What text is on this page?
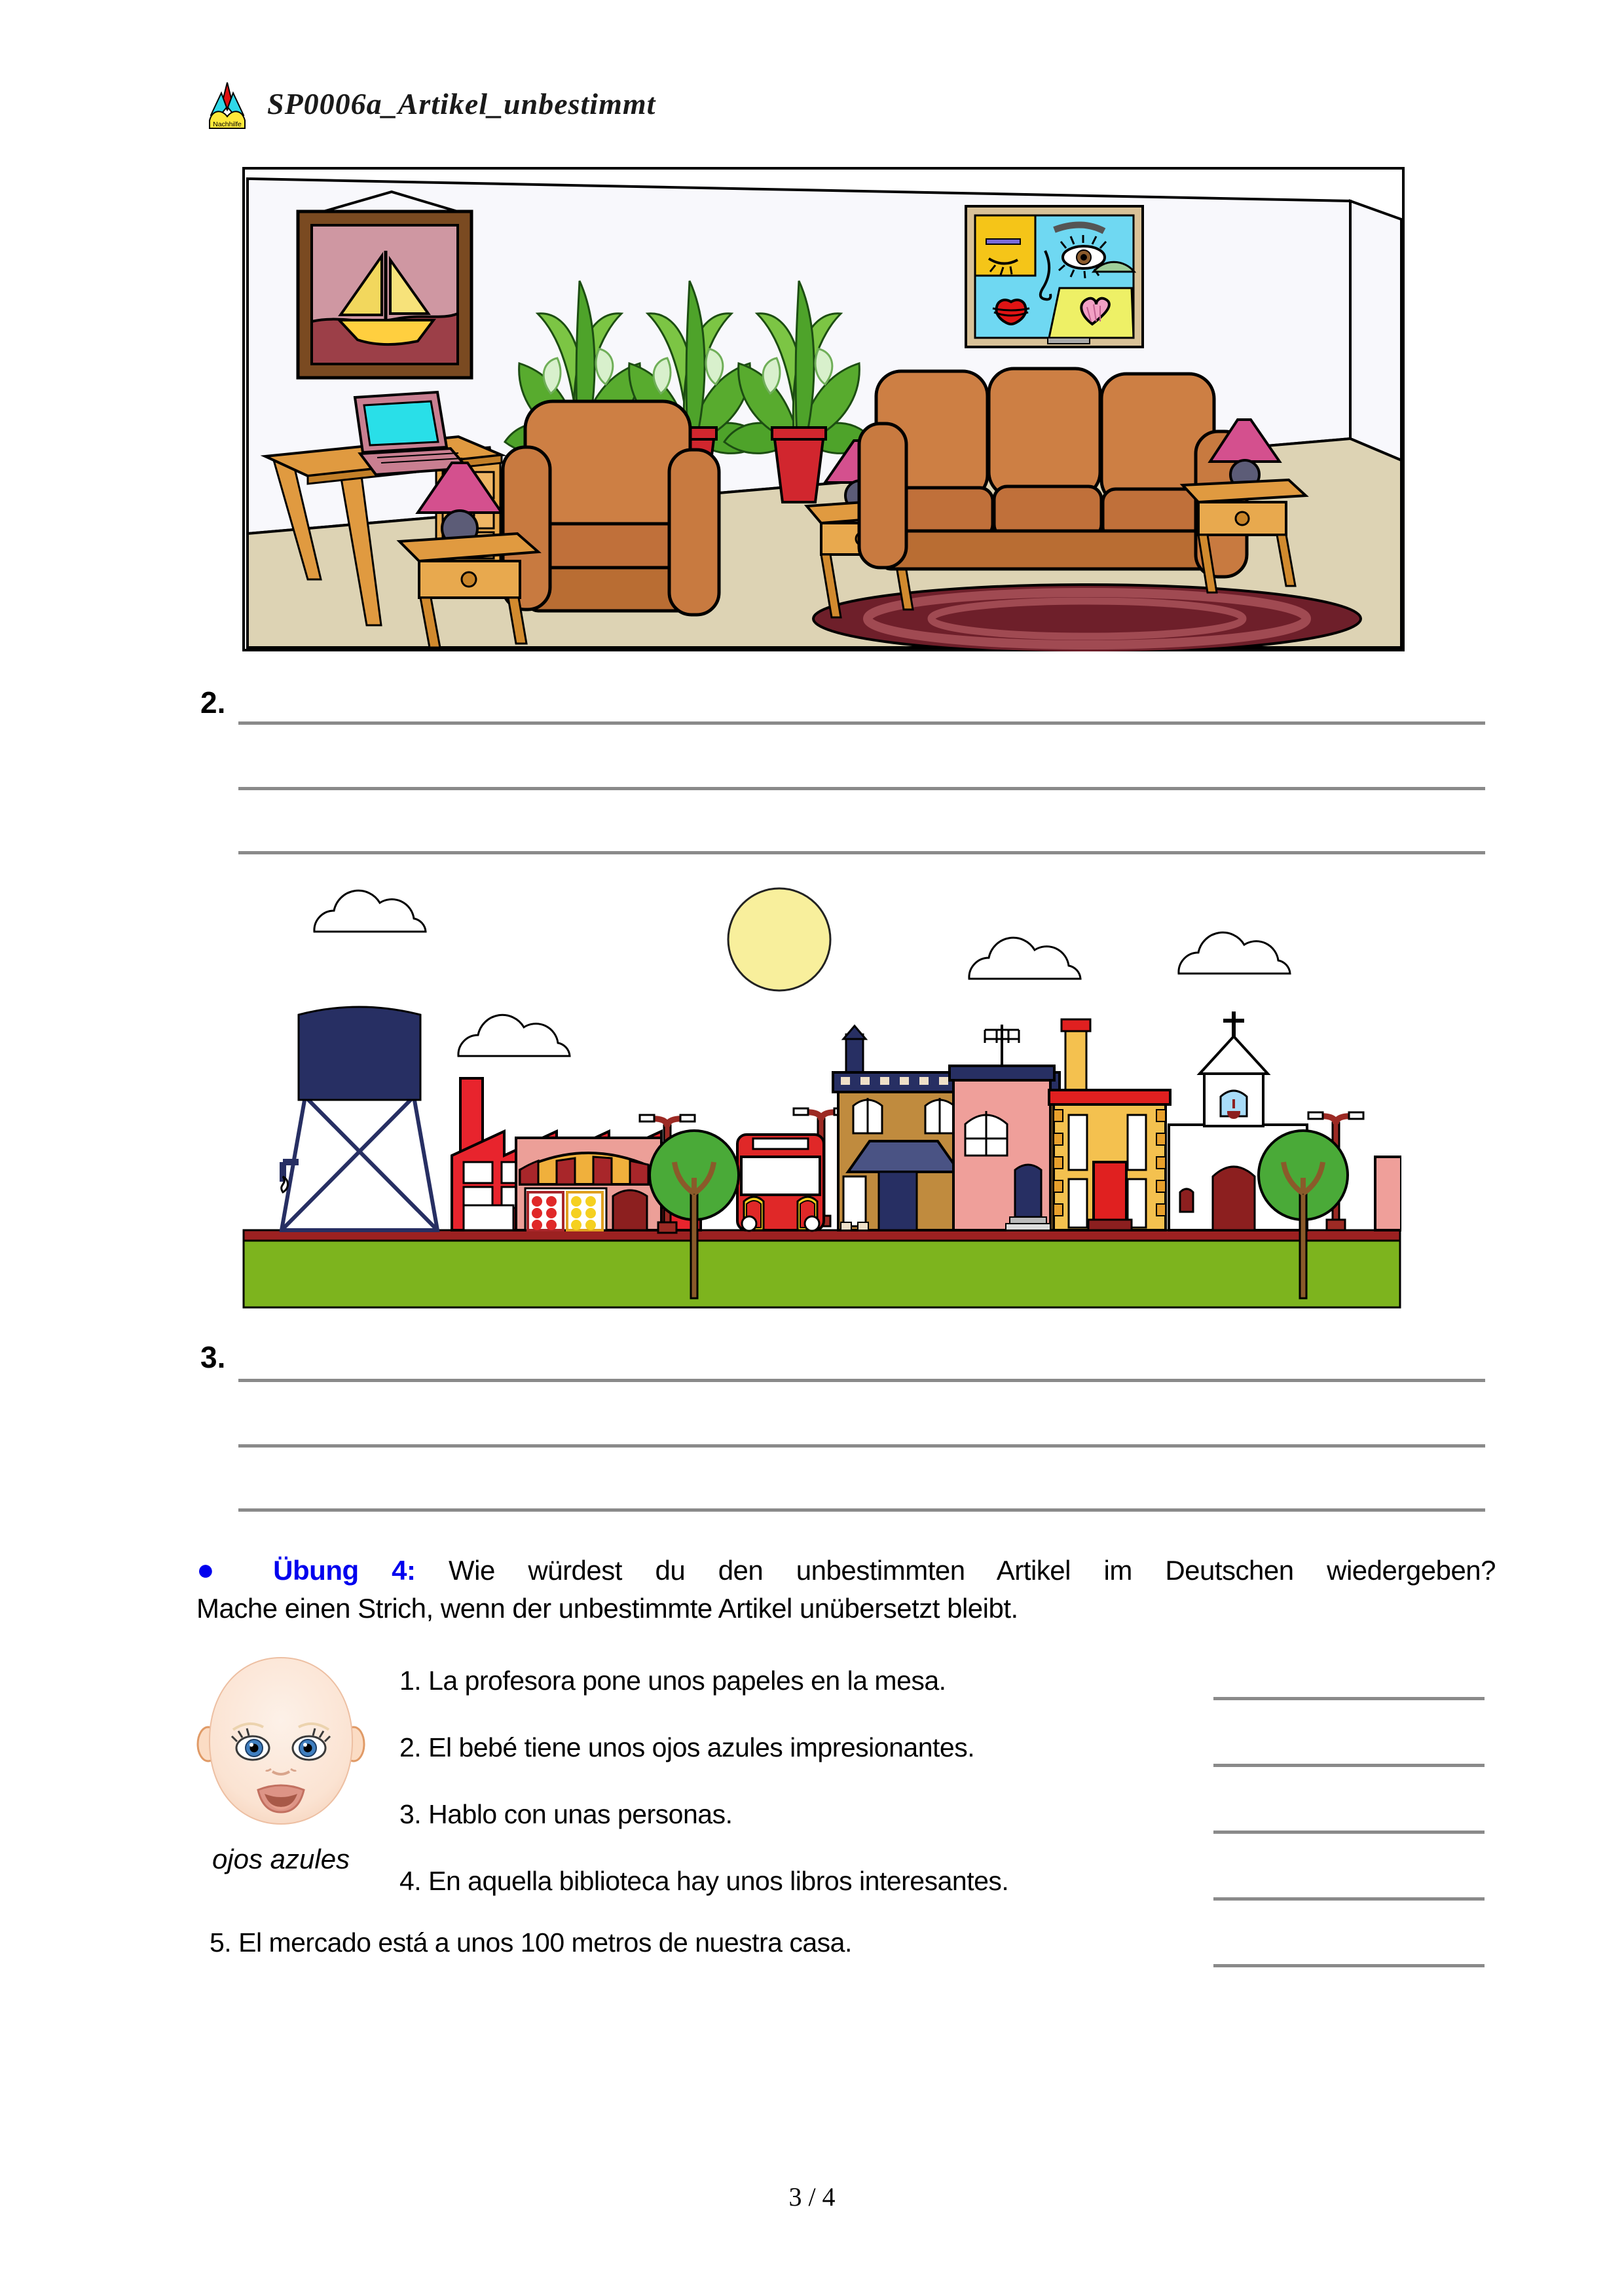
Nachhilfe
SP0006a_Artikel_unbestimmt
2.
3.
● Übung 4: Wie würdest du den unbestimmten Artikel im Deutschen wiedergeben?
Mache einen Strich, wenn der unbestimmte Artikel unübersetzt bleibt.
ojos azules
1. La profesora pone unos papeles en la mesa.
2. El bebé tiene unos ojos azules impresionantes.
3. Hablo con unas personas.
4. En aquella biblioteca hay unos libros interesantes.
5. El mercado está a unos 100 metros de nuestra casa.
3 / 4
